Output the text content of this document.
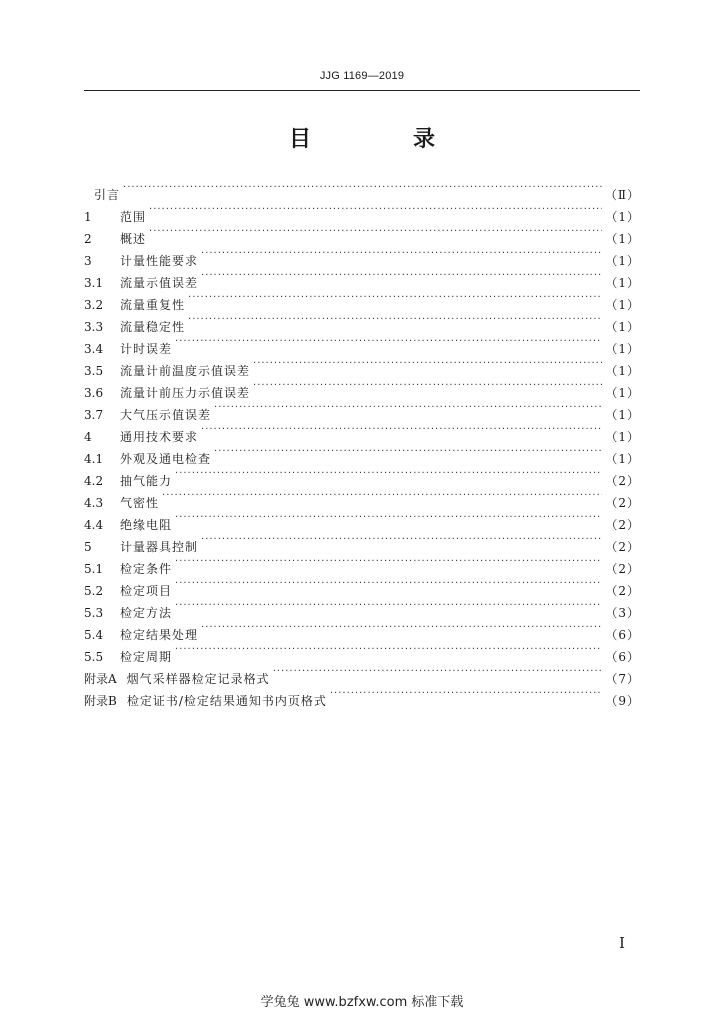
JJG 1169—2019
目　录
引言 ·····	（Ⅱ）
1	范围 ·····	（1）
2	概述 ·····	（1）
3	计量性能要求 ·····	（1）
3.1	流量示值误差 ·····	（1）
3.2	流量重复性 ·····	（1）
3.3	流量稳定性 ·····	（1）
3.4	计时误差 ·····	（1）
3.5	流量计前温度示值误差 ·····	（1）
3.6	流量计前压力示值误差 ·····	（1）
3.7	大气压示值误差 ·····	（1）
4	通用技术要求 ·····	（1）
4.1	外观及通电检查 ·····	（1）
4.2	抽气能力 ·····	（2）
4.3	气密性 ·····	（2）
4.4	绝缘电阻 ·····	（2）
5	计量器具控制 ·····	（2）
5.1	检定条件 ·····	（2）
5.2	检定项目 ·····	（2）
5.3	检定方法 ·····	（3）
5.4	检定结果处理 ·····	（6）
5.5	检定周期 ·····	（6）
附录A 烟气采样器检定记录格式 ·····	（7）
附录B 检定证书/检定结果通知书内页格式 ·····	（9）
I
学兔兔 www.bzfxw.com 标准下载
